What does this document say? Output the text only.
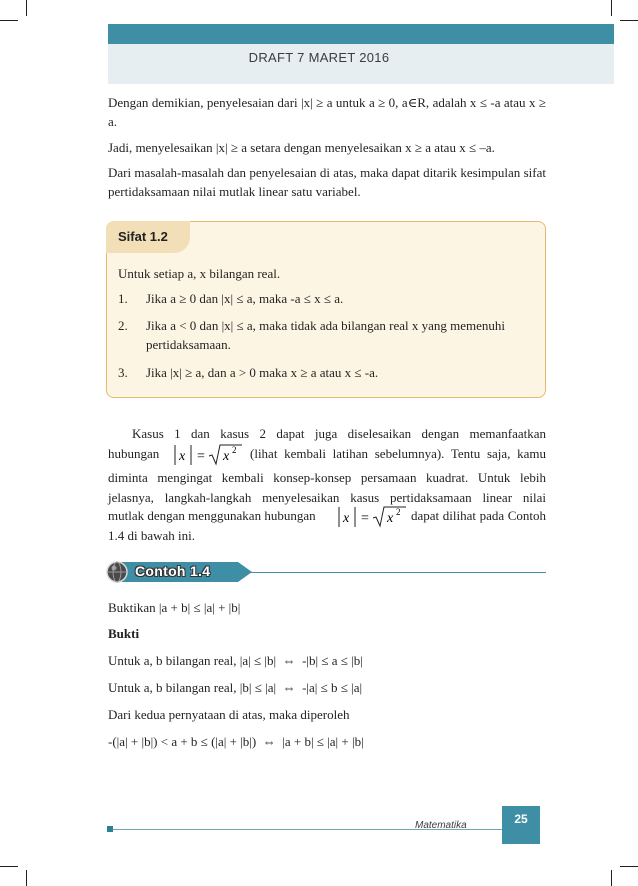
DRAFT 7 MARET 2016

Dengan demikian, penyelesaian dari |x| ≥ a untuk a ≥ 0, a∈R, adalah x ≤ -a atau x ≥ a.

Jadi, menyelesaikan |x| ≥ a setara dengan menyelesaikan x ≥ a atau x ≤ –a.

Dari masalah-masalah dan penyelesaian di atas, maka dapat ditarik kesimpulan sifat pertidaksamaan nilai mutlak linear satu variabel.

Sifat 1.2

Untuk setiap a, x bilangan real.

1. Jika a ≥ 0 dan |x| ≤ a, maka -a ≤ x ≤ a.

2. Jika a < 0 dan |x| ≤ a, maka tidak ada bilangan real x yang memenuhi

pertidaksamaan.

3. Jika |x| ≥ a, dan a > 0 maka x ≥ a atau x ≤ -a.

Kasus 1 dan kasus 2 dapat juga diselesaikan dengan memanfaatkan

hubungan x = x 2 (lihat kembali latihan sebelumnya). Tentu saja, kamu

diminta mengingat kembali konsep-konsep persamaan kuadrat. Untuk lebih

jelasnya, langkah-langkah menyelesaikan kasus pertidaksamaan linear nilai

mutlak dengan menggunakan hubungan x = x 2 dapat dilihat pada Contoh

1.4 di bawah ini.

Contoh 1.4

Buktikan |a + b| ≤ |a| + |b|

Bukti

Untuk a, b bilangan real, |a| ≤ |b|  ⇔  -|b| ≤ a ≤ |b|

Untuk a, b bilangan real, |b| ≤ |a|  ⇔  -|a| ≤ b ≤ |a|

Dari kedua pernyataan di atas, maka diperoleh

-(|a| + |b|) < a + b ≤ (|a| + |b|)  ⇔  |a + b| ≤ |a| + |b|

Matematika	25
